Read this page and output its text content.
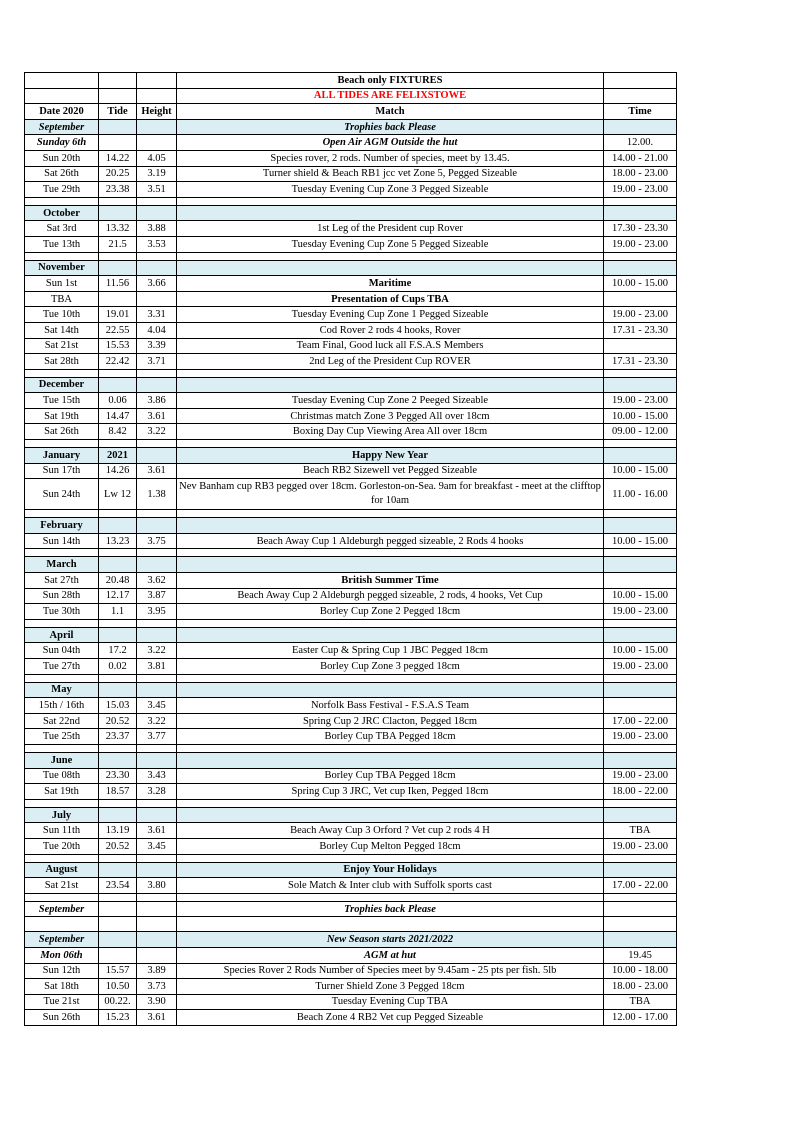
			Beach only FIXTURES	
			ALL TIDES ARE FELIXSTOWE	
Date 2020	Tide	Height	Match	Time
September			Trophies back Please	
Sunday 6th			Open Air AGM Outside the hut	12.00.
Sun 20th	14.22	4.05	Species rover, 2 rods. Number of species, meet by 13.45.	14.00 - 21.00
Sat 26th	20.25	3.19	Turner shield & Beach RB1 jcc vet Zone 5, Pegged Sizeable	18.00 - 23.00
Tue 29th	23.38	3.51	Tuesday Evening Cup Zone 3 Pegged Sizeable	19.00 - 23.00

October				
Sat 3rd	13.32	3.88	1st Leg of the President cup Rover	17.30 - 23.30
Tue 13th	21.5	3.53	Tuesday Evening Cup Zone 5 Pegged Sizeable	19.00 - 23.00

November				
Sun 1st	11.56	3.66	Maritime	10.00 - 15.00
TBA			Presentation of Cups TBA	
Tue 10th	19.01	3.31	Tuesday Evening Cup Zone 1 Pegged Sizeable	19.00 - 23.00
Sat 14th	22.55	4.04	Cod Rover 2 rods 4 hooks, Rover	17.31 - 23.30
Sat 21st	15.53	3.39	Team Final, Good luck all F.S.A.S Members	
Sat 28th	22.42	3.71	2nd Leg of the President Cup ROVER	17.31 - 23.30

December				
Tue 15th	0.06	3.86	Tuesday Evening Cup Zone 2 Peeged Sizeable	19.00 - 23.00
Sat 19th	14.47	3.61	Christmas match Zone 3 Pegged All over 18cm	10.00 - 15.00
Sat 26th	8.42	3.22	Boxing Day Cup Viewing Area All over 18cm	09.00 - 12.00

January	2021		Happy New Year	
Sun 17th	14.26	3.61	Beach RB2 Sizewell vet Pegged Sizeable	10.00 - 15.00
Sun 24th	Lw 12	1.38	Nev Banham cup RB3 pegged over 18cm. Gorleston-on-Sea. 9am for breakfast - meet at the clifftop for 10am	11.00 - 16.00

February				
Sun 14th	13.23	3.75	Beach Away Cup 1 Aldeburgh pegged sizeable, 2 Rods 4 hooks	10.00 - 15.00

March				
Sat 27th	20.48	3.62	British Summer Time	
Sun 28th	12.17	3.87	Beach Away Cup 2 Aldeburgh pegged sizeable, 2 rods, 4 hooks, Vet Cup	10.00 - 15.00
Tue 30th	1.1	3.95	Borley Cup Zone 2 Pegged 18cm	19.00 - 23.00

April				
Sun 04th	17.2	3.22	Easter Cup & Spring Cup 1 JBC Pegged 18cm	10.00 - 15.00
Tue 27th	0.02	3.81	Borley Cup Zone 3 pegged 18cm	19.00 - 23.00

May				
15th / 16th	15.03	3.45	Norfolk Bass Festival - F.S.A.S Team	
Sat 22nd	20.52	3.22	Spring Cup 2 JRC Clacton, Pegged 18cm	17.00 - 22.00
Tue 25th	23.37	3.77	Borley Cup TBA Pegged 18cm	19.00 - 23.00

June				
Tue 08th	23.30	3.43	Borley Cup TBA Pegged 18cm	19.00 - 23.00
Sat 19th	18.57	3.28	Spring Cup 3 JRC, Vet cup Iken, Pegged 18cm	18.00 - 22.00

July				
Sun 11th	13.19	3.61	Beach Away Cup 3 Orford ? Vet cup 2 rods 4 H	TBA
Tue 20th	20.52	3.45	Borley Cup Melton Pegged 18cm	19.00 - 23.00

August			Enjoy Your Holidays	
Sat 21st	23.54	3.80	Sole Match & Inter club with Suffolk sports cast	17.00 - 22.00

September			Trophies back Please	

September			New Season starts 2021/2022	
Mon 06th			AGM at hut	19.45
Sun 12th	15.57	3.89	Species Rover 2 Rods Number of Species meet by 9.45am - 25 pts per fish. 5lb	10.00 - 18.00
Sat 18th	10.50	3.73	Turner Shield Zone 3 Pegged 18cm	18.00 - 23.00
Tue 21st	00.22.	3.90	Tuesday Evening Cup TBA	TBA
Sun 26th	15.23	3.61	Beach Zone 4 RB2 Vet cup Pegged Sizeable	12.00 - 17.00
